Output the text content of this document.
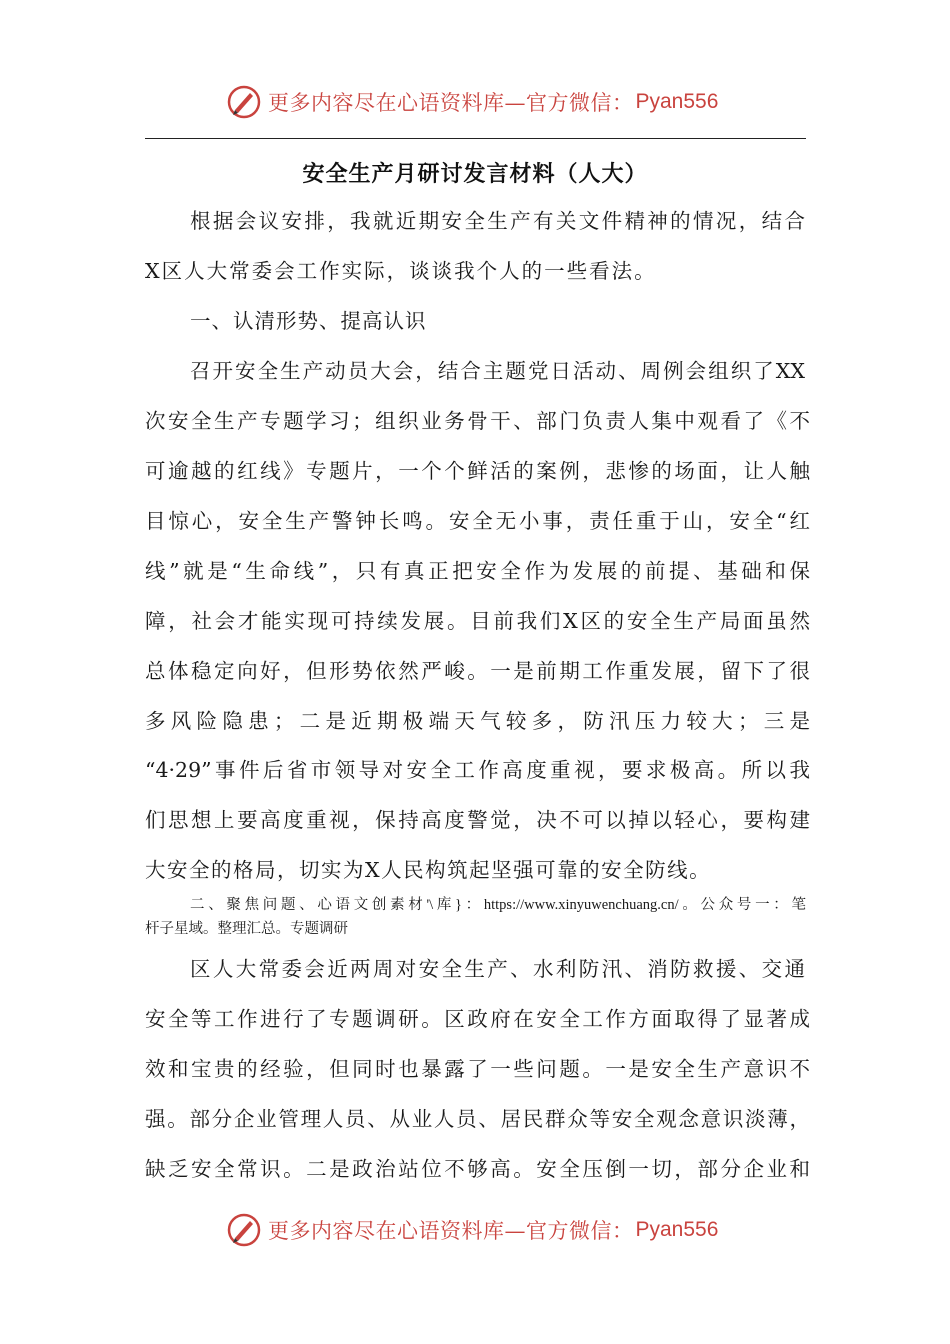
更多内容尽在心语资料库—官方微信： Pyan556
安全生产月研讨发言材料（人大）
根据会议安排，我就近期安全生产有关文件精神的情况，结合
X区人大常委会工作实际，谈谈我个人的一些看法。
一、认清形势、提高认识
召开安全生产动员大会，结合主题党日活动、周例会组织了XX
次安全生产专题学习；组织业务骨干、部门负责人集中观看了《不
可逾越的红线》专题片，一个个鲜活的案例，悲惨的场面，让人触
目惊心，安全生产警钟长鸣。安全无小事，责任重于山，安全“红
线”就是“生命线”，只有真正把安全作为发展的前提、基础和保
障，社会才能实现可持续发展。目前我们X区的安全生产局面虽然
总体稳定向好，但形势依然严峻。一是前期工作重发展，留下了很
多风险隐患；二是近期极端天气较多，防汛压力较大；三是
“4·29”事件后省市领导对安全工作高度重视，要求极高。所以我
们思想上要高度重视，保持高度警觉，决不可以掉以轻心，要构建
大安全的格局，切实为X人民构筑起坚强可靠的安全防线。
二、聚焦问题、心语文创素材'\库}：https://www.xinyuwenchuang.cn/。公众号一：笔
杆子星域。整理汇总。专题调研
区人大常委会近两周对安全生产、水利防汛、消防救援、交通
安全等工作进行了专题调研。区政府在安全工作方面取得了显著成
效和宝贵的经验，但同时也暴露了一些问题。一是安全生产意识不
强。部分企业管理人员、从业人员、居民群众等安全观念意识淡薄，
缺乏安全常识。二是政治站位不够高。安全压倒一切，部分企业和
更多内容尽在心语资料库—官方微信： Pyan556
